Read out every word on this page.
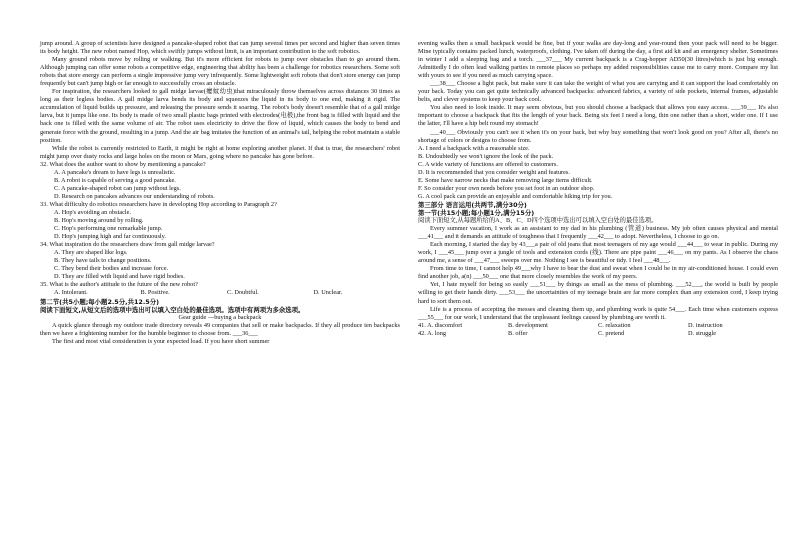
jump around. A group of scientists have designed a pancake-shaped robot that can jump several times per second and higher than seven times its body height. The new robot named Hop, which swiftly jumps without limit, is an important contribution to the soft robotics.

Many ground robots move by rolling or walking. But it's more efficient for robots to jump over obstacles than to go around them. Although jumping can offer some robots a competitive edge, engineering that ability has been a challenge for robotics researchers. Some soft robots that store energy can perform a single impressive jump very infrequently. Some lightweight soft robots that don't store energy can jump frequently but can't jump high or far enough to successfully cross an obstacle.

For inspiration, the researchers looked to gall midge larvae(瘿蚊幼虫)that miraculously throw themselves across distances 30 times as long as their legless bodies. A gall midge larva bends its body and squeezes the liquid in its body to one end, making it rigid. The accumulation of liquid builds up pressure, and releasing the pressure sends it soaring. The robot's body doesn't resemble that of a gall midge larva, but it jumps like one. Its body is made of two small plastic bags printed with electrodes(电极),the front bag is filled with liquid and the back one is filled with the same volume of air. The robot uses electricity to drive the flow of liquid, which causes the body to bend and generate force with the ground, resulting in a jump. And the air bag imitates the function of an animal's tail, helping the robot maintain a stable position.

While the robot is currently restricted to Earth, it might be right at home exploring another planet. If that is true, the researchers' robot might jump over dusty rocks and large holes on the moon or Mars, going where no pancake has gone before.

32. What does the author want to show by mentioning a pancake?

A. A pancake's dream to have legs is unrealistic.

B. A robot is capable of serving a good pancake.

C. A pancake-shaped robot can jump without legs.

D. Research on pancakes advances our understanding of robots.

33. What difficulty do robotics researchers have in developing Hop according to Paragraph 2?

A. Hop's avoiding an obstacle.

B. Hop's moving around by rolling.

C. Hop's performing one remarkable jump.

D. Hop's jumping high and far continuously.

34. What inspiration do the researchers draw from gall midge larvae?

A. They are shaped like logs.

B. They have tails to change positions.

C. They bend their bodies and increase force.

D. They are filled with liquid and have rigid bodies.

35. What is the author's attitude to the future of the new robot?

A. Intolerant.	B. Positive.	C. Doubtful.	D. Unclear.

第二节(共5小题;每小题2.5分,共12.5分)

阅读下面短文,从短文后的选项中选出可以填入空白处的最佳选项。选项中有两项为多余选项。

Gear guide —buying a backpack

A quick glance through my outdoor trade directory reveals 49 companies that sell or make backpacks. If they all produce ten backpacks then we have a frightening number for the humble beginner to choose from. ___36___

The first and most vital consideration is your expected load. If you have short summer

evening walks then a small backpack would be fine, but if your walks are day-long and year-round then your pack will need to be bigger. Mine typically contains packed lunch, waterproofs, clothing. I've taken off during the day, a first aid kit and an emergency shelter. Sometimes in winter I add a sleeping bag and a torch. ___37___ My current backpack is a Crag-hopper AD50(30 litres)which is just big enough. Admittedly I do often lead walking parties in remote places so perhaps my added responsibilities cause me to carry more. Compare my list with yours to see if you need as much carrying space.

___38___ Choose a light pack, but make sure it can take the weight of what you are carrying and it can support the load comfortably on your back. Today you can get quite technically advanced backpacks: advanced fabrics, a variety of side pockets, internal frames, adjustable belts, and clever systems to keep your back cool.

You also need to look inside. It may seem obvious, but you should choose a backpack that allows you easy access. ___39___ It's also important to choose a backpack that fits the length of your back. Being six feet I need a long, thin one rather than a short, wider one. If I use the latter, I'll have a hip belt round my stomach!

___40___ Obviously you can't see it when it's on your back, but why buy something that won't look good on you? After all, there's no shortage of colors or designs to choose from.

A. I need a backpack with a reasonable size.

B. Undoubtedly we won't ignore the look of the pack.

C. A wide variety of functions are offered to customers.

D. It is recommended that you consider weight and features.

E. Some have narrow necks that make removing large items difficult.

F. So consider your own needs before you set foot in an outdoor shop.

G. A cool pack can provide an enjoyable and comfortable hiking trip for you.

第三部分 语言运用(共两节,满分30分)

第一节(共15小题;每小题1分,满分15分)

阅读下面短文,从每题所给的A、B、C、D四个选项中选出可以填入空白处的最佳选项。

Every summer vacation, I work as an assistant to my dad in his plumbing (管道) business. My job often causes physical and mental ___41___ and it demands an attitude of toughness that I frequently ___42___ to adopt. Nevertheless, I choose to go on.

Each morning, I started the day by 43___a pair of old jeans that most teenagers of my age would ___44___ to wear in public. During my work, I ___45___ jump over a jungle of tools and extension cords (线). There are pipe paint ___46___ on my pants. As I observe the chaos around me, a sense of ___47___ sweeps over me. Nothing I see is beautiful or tidy. I feel ___48___.

From time to time, I cannot help 49___why I have to bear the dust and sweat when I could be in my air-conditioned house. I could even find another job, a(n) ___50___ one that more closely resembles the work of my peers.

Yet, I hate myself for being so easily ___51___ by things as small as the mess of plumbing. ___52___, the world is built by people willing to get their hands dirty. ___53___ the uncertainties of my teenage brain are far more complex than any extension cord, I keep trying hard to sort them out.

Life is a process of accepting the messes and cleaning them up, and plumbing work is quite 54___. Each time when customers express ___55___ for our work, I understand that the unpleasant feelings caused by plumbing are worth it.

41. A. discomfort	B. development	C. relaxation	D. instruction
42. A. long	B. offer	C. pretend	D. struggle
